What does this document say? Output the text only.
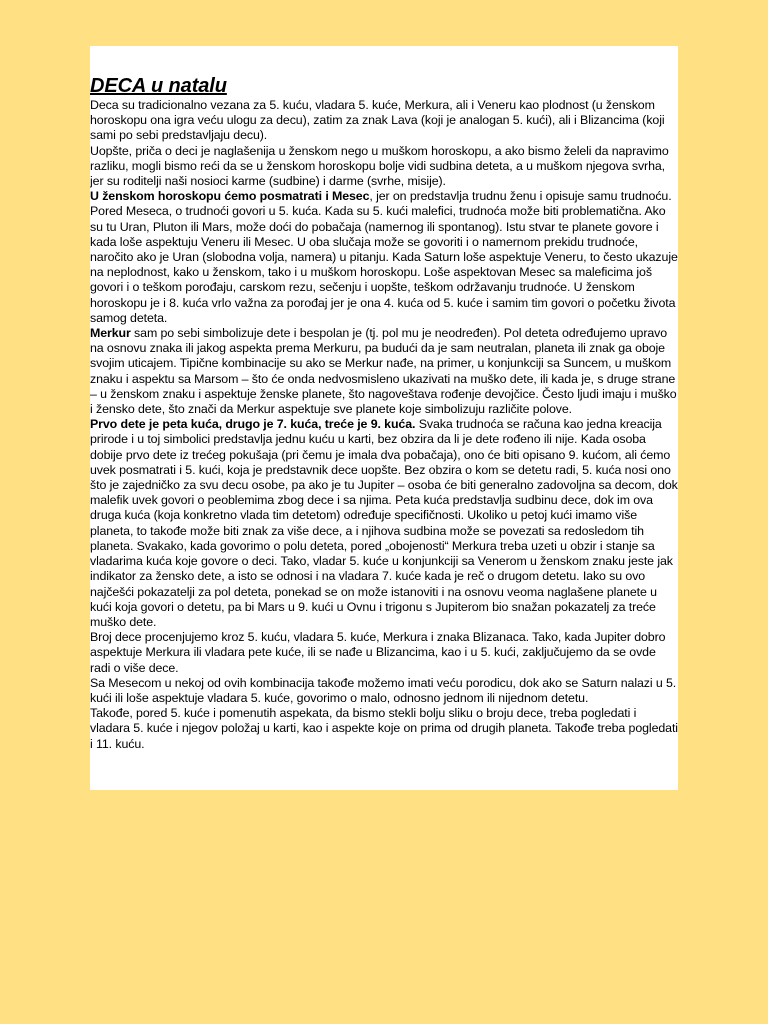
DECA u natalu

Deca su tradicionalno vezana za 5. kuću, vladara 5. kuće, Merkura, ali i Veneru kao plodnost (u ženskom horoskopu ona igra veću ulogu za decu), zatim za znak Lava (koji je analogan 5. kući), ali i Blizancima (koji sami po sebi predstavljaju decu).

Uopšte, priča o deci je naglašenija u ženskom nego u muškom horoskopu, a ako bismo želeli da napravimo razliku, mogli bismo reći da se u ženskom horoskopu bolje vidi sudbina deteta, a u muškom njegova svrha, jer su roditelji naši nosioci karme (sudbine) i darme (svrhe, misije).

U ženskom horoskopu ćemo posmatrati i Mesec, jer on predstavlja trudnu ženu i opisuje samu trudnoću. Pored Meseca, o trudnoći govori u 5. kuća. Kada su 5. kući malefici, trudnoća može biti problematična. Ako su tu Uran, Pluton ili Mars, može doći do pobačaja (namernog ili spontanog). Istu stvar te planete govore i kada loše aspektuju Veneru ili Mesec. U oba slučaja može se govoriti i o namernom prekidu trudnoće, naročito ako je Uran (slobodna volja, namera) u pitanju. Kada Saturn loše aspektuje Veneru, to često ukazuje na neplodnost, kako u ženskom, tako i u muškom horoskopu. Loše aspektovan Mesec sa maleficima još govori i o teškom porođaju, carskom rezu, sečenju i uopšte, teškom održavanju trudnoće. U ženskom horoskopu je i 8. kuća vrlo važna za porođaj jer je ona 4. kuća od 5. kuće i samim tim govori o početku života samog deteta.

Merkur sam po sebi simbolizuje dete i bespolan je (tj. pol mu je neodređen). Pol deteta određujemo upravo na osnovu znaka ili jakog aspekta prema Merkuru, pa budući da je sam neutralan, planeta ili znak ga oboje svojim uticajem. Tipične kombinacije su ako se Merkur nađe, na primer, u konjunkciji sa Suncem, u muškom znaku i aspektu sa Marsom – što će onda nedvosmisleno ukazivati na muško dete, ili kada je, s druge strane – u ženskom znaku i aspektuje ženske planete, što nagoveštava rođenje devojčice. Često ljudi imaju i muško i žensko dete, što znači da Merkur aspektuje sve planete koje simbolizuju različite polove.

Prvo dete je peta kuća, drugo je 7. kuća, treće je 9. kuća. Svaka trudnoća se računa kao jedna kreacija prirode i u toj simbolici predstavlja jednu kuću u karti, bez obzira da li je dete rođeno ili nije. Kada osoba dobije prvo dete iz trećeg pokušaja (pri čemu je imala dva pobačaja), ono će biti opisano 9. kućom, ali ćemo uvek posmatrati i 5. kući, koja je predstavnik dece uopšte. Bez obzira o kom se detetu radi, 5. kuća nosi ono što je zajedničko za svu decu osobe, pa ako je tu Jupiter – osoba će biti generalno zadovoljna sa decom, dok malefik uvek govori o peoblemima zbog dece i sa njima. Peta kuća predstavlja sudbinu dece, dok im ova druga kuća (koja konkretno vlada tim detetom) određuje specifičnosti. Ukoliko u petoj kući imamo više planeta, to takođe može biti znak za više dece, a i njihova sudbina može se povezati sa redosledom tih planeta. Svakako, kada govorimo o polu deteta, pored „obojenosti“ Merkura treba uzeti u obzir i stanje sa vladarima kuća koje govore o deci. Tako, vladar 5. kuće u konjunkciji sa Venerom u ženskom znaku jeste jak indikator za žensko dete, a isto se odnosi i na vladara 7. kuće kada je reč o drugom detetu. Iako su ovo najčešći pokazatelji za pol deteta, ponekad se on može istanoviti i na osnovu veoma naglašene planete u kući koja govori o detetu, pa bi Mars u 9. kući u Ovnu i trigonu s Jupiterom bio snažan pokazatelj za treće muško dete.

Broj dece procenjujemo kroz 5. kuću, vladara 5. kuće, Merkura i znaka Blizanaca. Tako, kada Jupiter dobro aspektuje Merkura ili vladara pete kuće, ili se nađe u Blizancima, kao i u 5. kući, zaključujemo da se ovde radi o više dece.

Sa Mesecom u nekoj od ovih kombinacija takođe možemo imati veću porodicu, dok ako se Saturn nalazi u 5. kući ili loše aspektuje vladara 5. kuće, govorimo o malo, odnosno jednom ili nijednom detetu.

Takođe, pored 5. kuće i pomenutih aspekata, da bismo stekli bolju sliku o broju dece, treba pogledati i vladara 5. kuće i njegov položaj u karti, kao i aspekte koje on prima od drugih planeta. Takođe treba pogledati i 11. kuću.
